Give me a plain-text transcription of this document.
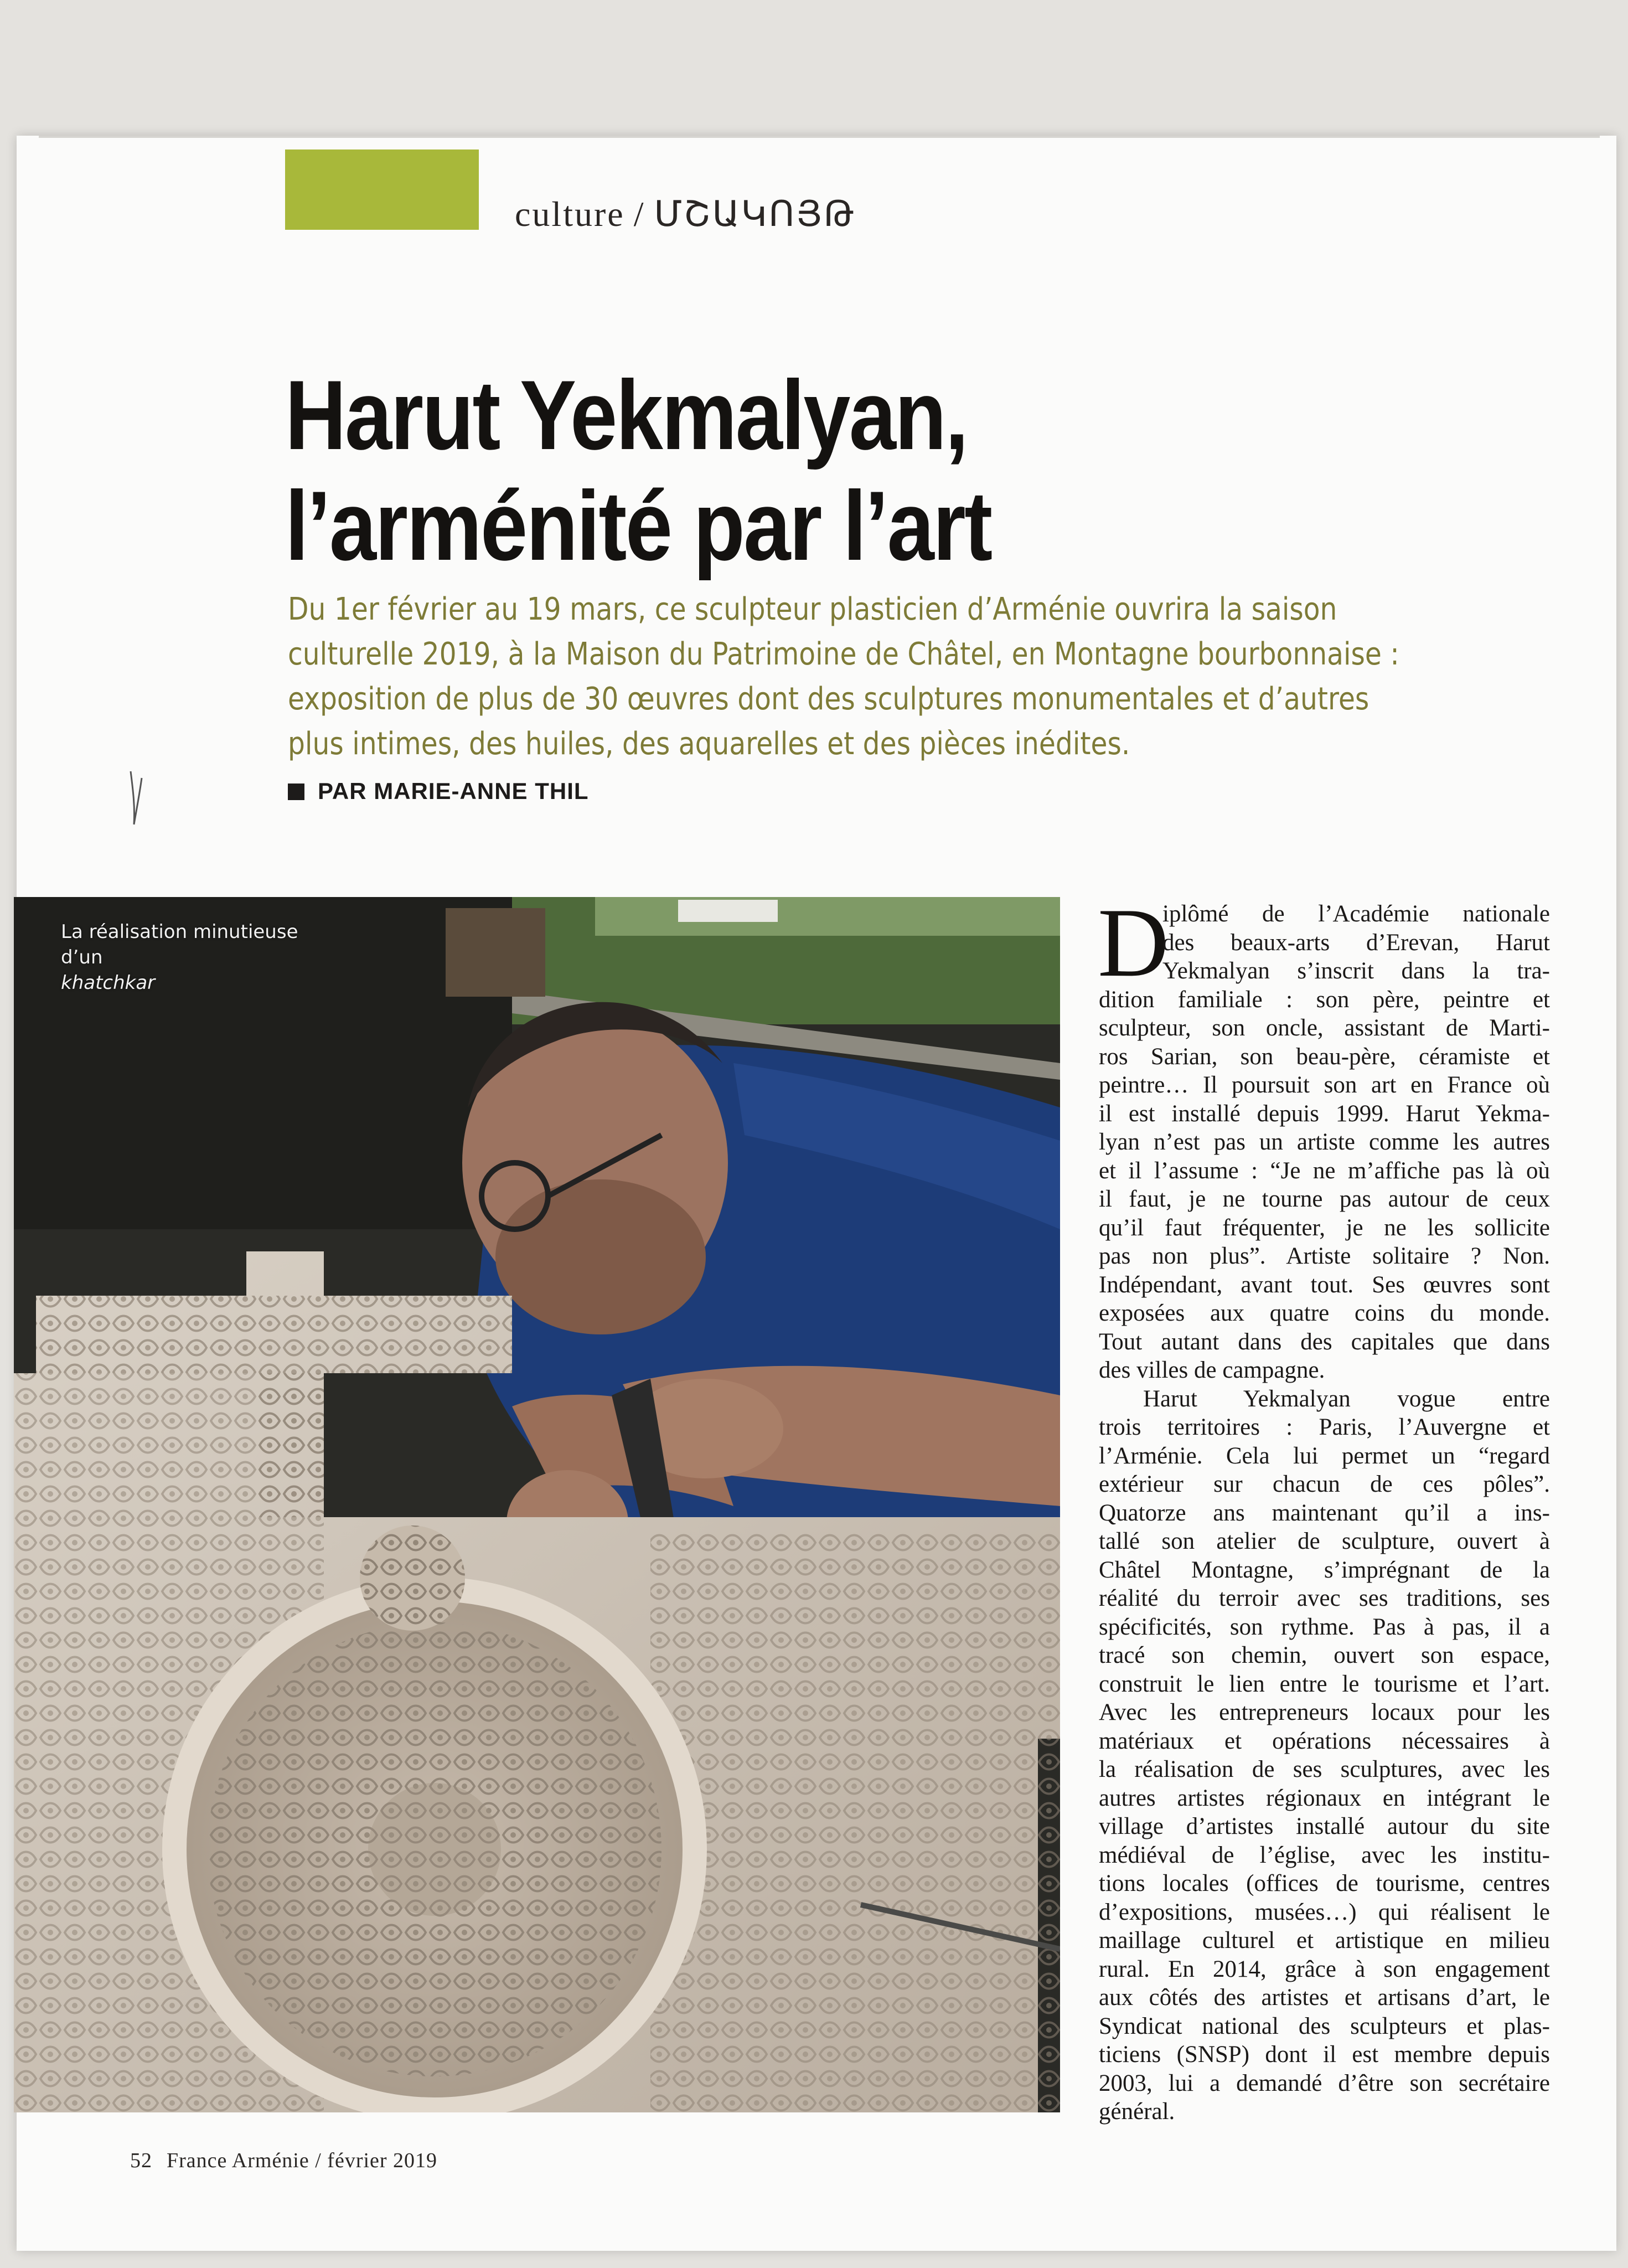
culture / ՄՇԱԿՈՅԹ
Harut Yekmalyan,
l’arménité par l’art

Du 1er février au 19 mars, ce sculpteur plasticien d’Arménie ouvrira la saison

culturelle 2019, à la Maison du Patrimoine de Châtel, en Montagne bourbonnaise :

exposition de plus de 30 œuvres dont des sculptures monumentales et d’autres

plus intimes, des huiles, des aquarelles et des pièces inédites.

PAR MARIE-ANNE THIL
La réalisation minutieuse
d’un
khatchkar	D
iplômé de l’Académie nationale
des beaux-arts d’Erevan, Harut
Yekmalyan s’inscrit dans la tra-
dition familiale : son père, peintre et
sculpteur, son oncle, assistant de Marti-
ros Sarian, son beau-père, céramiste et
peintre… Il poursuit son art en France où
il est installé depuis 1999. Harut Yekma-
lyan n’est pas un artiste comme les autres
et il l’assume : “Je ne m’affiche pas là où
il faut, je ne tourne pas autour de ceux
qu’il faut fréquenter, je ne les sollicite
pas non plus”. Artiste solitaire ? Non.
Indépendant, avant tout. Ses œuvres sont
exposées aux quatre coins du monde.
Tout autant dans des capitales que dans
des villes de campagne.
Harut Yekmalyan vogue entre
trois territoires : Paris, l’Auvergne et
l’Arménie. Cela lui permet un “regard
extérieur sur chacun de ces pôles”.
Quatorze ans maintenant qu’il a ins-
tallé son atelier de sculpture, ouvert à
Châtel Montagne, s’imprégnant de la
réalité du terroir avec ses traditions, ses
spécificités, son rythme. Pas à pas, il a
tracé son chemin, ouvert son espace,
construit le lien entre le tourisme et l’art.
Avec les entrepreneurs locaux pour les
matériaux et opérations nécessaires à
la réalisation de ses sculptures, avec les
autres artistes régionaux en intégrant le
village d’artistes installé autour du site
médiéval de l’église, avec les institu-
tions locales (offices de tourisme, centres
d’expositions, musées…) qui réalisent le
maillage culturel et artistique en milieu
rural. En 2014, grâce à son engagement
aux côtés des artistes et artisans d’art, le
Syndicat national des sculpteurs et plas-
ticiens (SNSP) dont il est membre depuis
2003, lui a demandé d’être son secrétaire
général.
52 France Arménie / février 2019
